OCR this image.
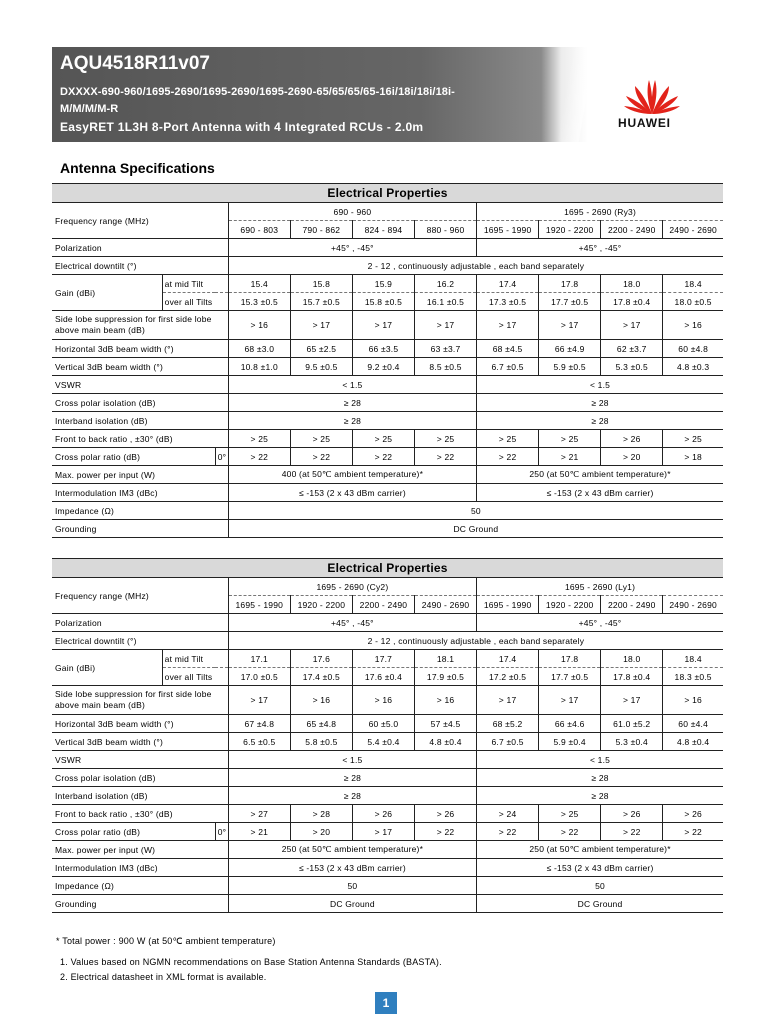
AQU4518R11v07
DXXXX-690-960/1695-2690/1695-2690/1695-2690-65/65/65/65-16i/18i/18i/18i-
M/M/M/M-R
EasyRET 1L3H 8-Port Antenna with 4 Integrated RCUs - 2.0m	HUAWEI
Antenna Specifications
Electrical Properties										
Frequency range (MHz)			690 - 960				1695 - 2690 (Ry3)			
			690 - 803	790 - 862	824 - 894	880 - 960	1695 - 1990	1920 - 2200	2200 - 2490	2490 - 2690
Polarization			+45° , -45°				+45° , -45°			
Electrical downtilt (°)			2 - 12 , continuously adjustable , each band separately							
Gain (dBi)	at mid Tilt		15.4	15.8	15.9	16.2	17.4	17.8	18.0	18.4
	over all Tilts		15.3 ±0.5	15.7 ±0.5	15.8 ±0.5	16.1 ±0.5	17.3 ±0.5	17.7 ±0.5	17.8 ±0.4	18.0 ±0.5
Side lobe suppression for first side lobe above main beam (dB)			> 16	> 17	> 17	> 17	> 17	> 17	> 17	> 16
Horizontal 3dB beam width (°)			68 ±3.0	65 ±2.5	66 ±3.5	63 ±3.7	68 ±4.5	66 ±4.9	62 ±3.7	60 ±4.8
Vertical 3dB beam width (°)			10.8 ±1.0	9.5 ±0.5	9.2 ±0.4	8.5 ±0.5	6.7 ±0.5	5.9 ±0.5	5.3 ±0.5	4.8 ±0.3
VSWR			< 1.5				< 1.5			
Cross polar isolation (dB)			≥ 28				≥ 28			
Interband isolation (dB)			≥ 28				≥ 28			
Front to back ratio , ±30° (dB)			> 25	> 25	> 25	> 25	> 25	> 25	> 26	> 25
Cross polar ratio (dB)		0°	> 22	> 22	> 22	> 22	> 22	> 21	> 20	> 18
Max. power per input (W)			400 (at 50℃ ambient temperature)*				250 (at 50℃ ambient temperature)*			
Intermodulation IM3 (dBc)			≤ -153 (2 x 43 dBm carrier)				≤ -153 (2 x 43 dBm carrier)			
Impedance (Ω)			50							
Grounding			DC Ground							
Electrical Properties										
Frequency range (MHz)			1695 - 2690 (Cy2)				1695 - 2690 (Ly1)			
			1695 - 1990	1920 - 2200	2200 - 2490	2490 - 2690	1695 - 1990	1920 - 2200	2200 - 2490	2490 - 2690
Polarization			+45° , -45°				+45° , -45°			
Electrical downtilt (°)			2 - 12 , continuously adjustable , each band separately							
Gain (dBi)	at mid Tilt		17.1	17.6	17.7	18.1	17.4	17.8	18.0	18.4
	over all Tilts		17.0 ±0.5	17.4 ±0.5	17.6 ±0.4	17.9 ±0.5	17.2 ±0.5	17.7 ±0.5	17.8 ±0.4	18.3 ±0.5
Side lobe suppression for first side lobe above main beam (dB)			> 17	> 16	> 16	> 16	> 17	> 17	> 17	> 16
Horizontal 3dB beam width (°)			67 ±4.8	65 ±4.8	60 ±5.0	57 ±4.5	68 ±5.2	66 ±4.6	61.0 ±5.2	60 ±4.4
Vertical 3dB beam width (°)			6.5 ±0.5	5.8 ±0.5	5.4 ±0.4	4.8 ±0.4	6.7 ±0.5	5.9 ±0.4	5.3 ±0.4	4.8 ±0.4
VSWR			< 1.5				< 1.5			
Cross polar isolation (dB)			≥ 28				≥ 28			
Interband isolation (dB)			≥ 28				≥ 28			
Front to back ratio , ±30° (dB)			> 27	> 28	> 26	> 26	> 24	> 25	> 26	> 26
Cross polar ratio (dB)		0°	> 21	> 20	> 17	> 22	> 22	> 22	> 22	> 22
Max. power per input (W)			250 (at 50℃ ambient temperature)*				250 (at 50℃ ambient temperature)*			
Intermodulation IM3 (dBc)			≤ -153 (2 x 43 dBm carrier)				≤ -153 (2 x 43 dBm carrier)			
Impedance (Ω)			50				50			
Grounding			DC Ground				DC Ground			
* Total power : 900 W (at 50℃ ambient temperature)
1. Values based on NGMN recommendations on Base Station Antenna Standards (BASTA).
2. Electrical datasheet in XML format is available.
1
